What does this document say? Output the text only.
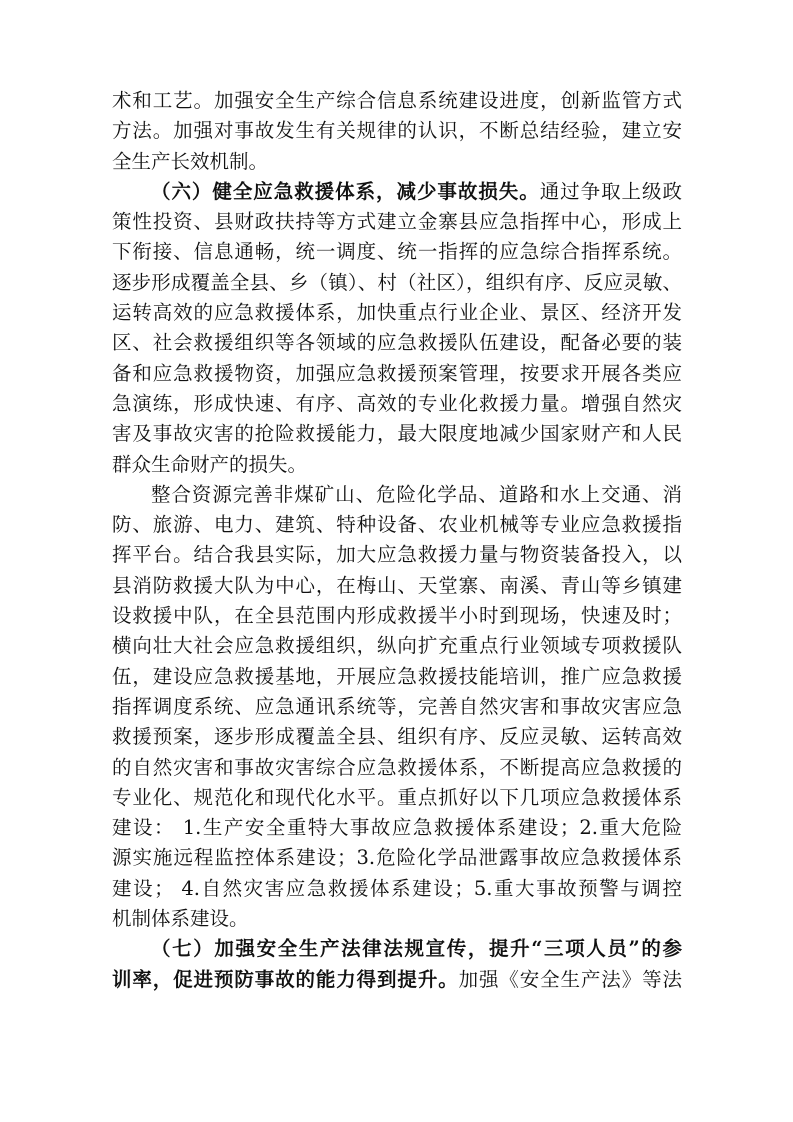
术和工艺。加强安全生产综合信息系统建设进度，创新监管方式
方法。加强对事故发生有关规律的认识，不断总结经验，建立安
全生产长效机制。
（六）健全应急救援体系，减少事故损失。通过争取上级政
策性投资、县财政扶持等方式建立金寨县应急指挥中心，形成上
下衔接、信息通畅，统一调度、统一指挥的应急综合指挥系统。
逐步形成覆盖全县、乡（镇）、村（社区），组织有序、反应灵敏、
运转高效的应急救援体系，加快重点行业企业、景区、经济开发
区、社会救援组织等各领域的应急救援队伍建设，配备必要的装
备和应急救援物资，加强应急救援预案管理，按要求开展各类应
急演练，形成快速、有序、高效的专业化救援力量。增强自然灾
害及事故灾害的抢险救援能力，最大限度地减少国家财产和人民
群众生命财产的损失。
整合资源完善非煤矿山、危险化学品、道路和水上交通、消
防、旅游、电力、建筑、特种设备、农业机械等专业应急救援指
挥平台。结合我县实际，加大应急救援力量与物资装备投入，以
县消防救援大队为中心，在梅山、天堂寨、南溪、青山等乡镇建
设救援中队，在全县范围内形成救援半小时到现场，快速及时；
横向壮大社会应急救援组织，纵向扩充重点行业领域专项救援队
伍，建设应急救援基地，开展应急救援技能培训，推广应急救援
指挥调度系统、应急通讯系统等，完善自然灾害和事故灾害应急
救援预案，逐步形成覆盖全县、组织有序、反应灵敏、运转高效
的自然灾害和事故灾害综合应急救援体系，不断提高应急救援的
专业化、规范化和现代化水平。重点抓好以下几项应急救援体系
建设： 1.生产安全重特大事故应急救援体系建设；2.重大危险
源实施远程监控体系建设；3.危险化学品泄露事故应急救援体系
建设； 4.自然灾害应急救援体系建设；5.重大事故预警与调控
机制体系建设。
（七）加强安全生产法律法规宣传，提升“三项人员”的参
训率，促进预防事故的能力得到提升。加强《安全生产法》等法
